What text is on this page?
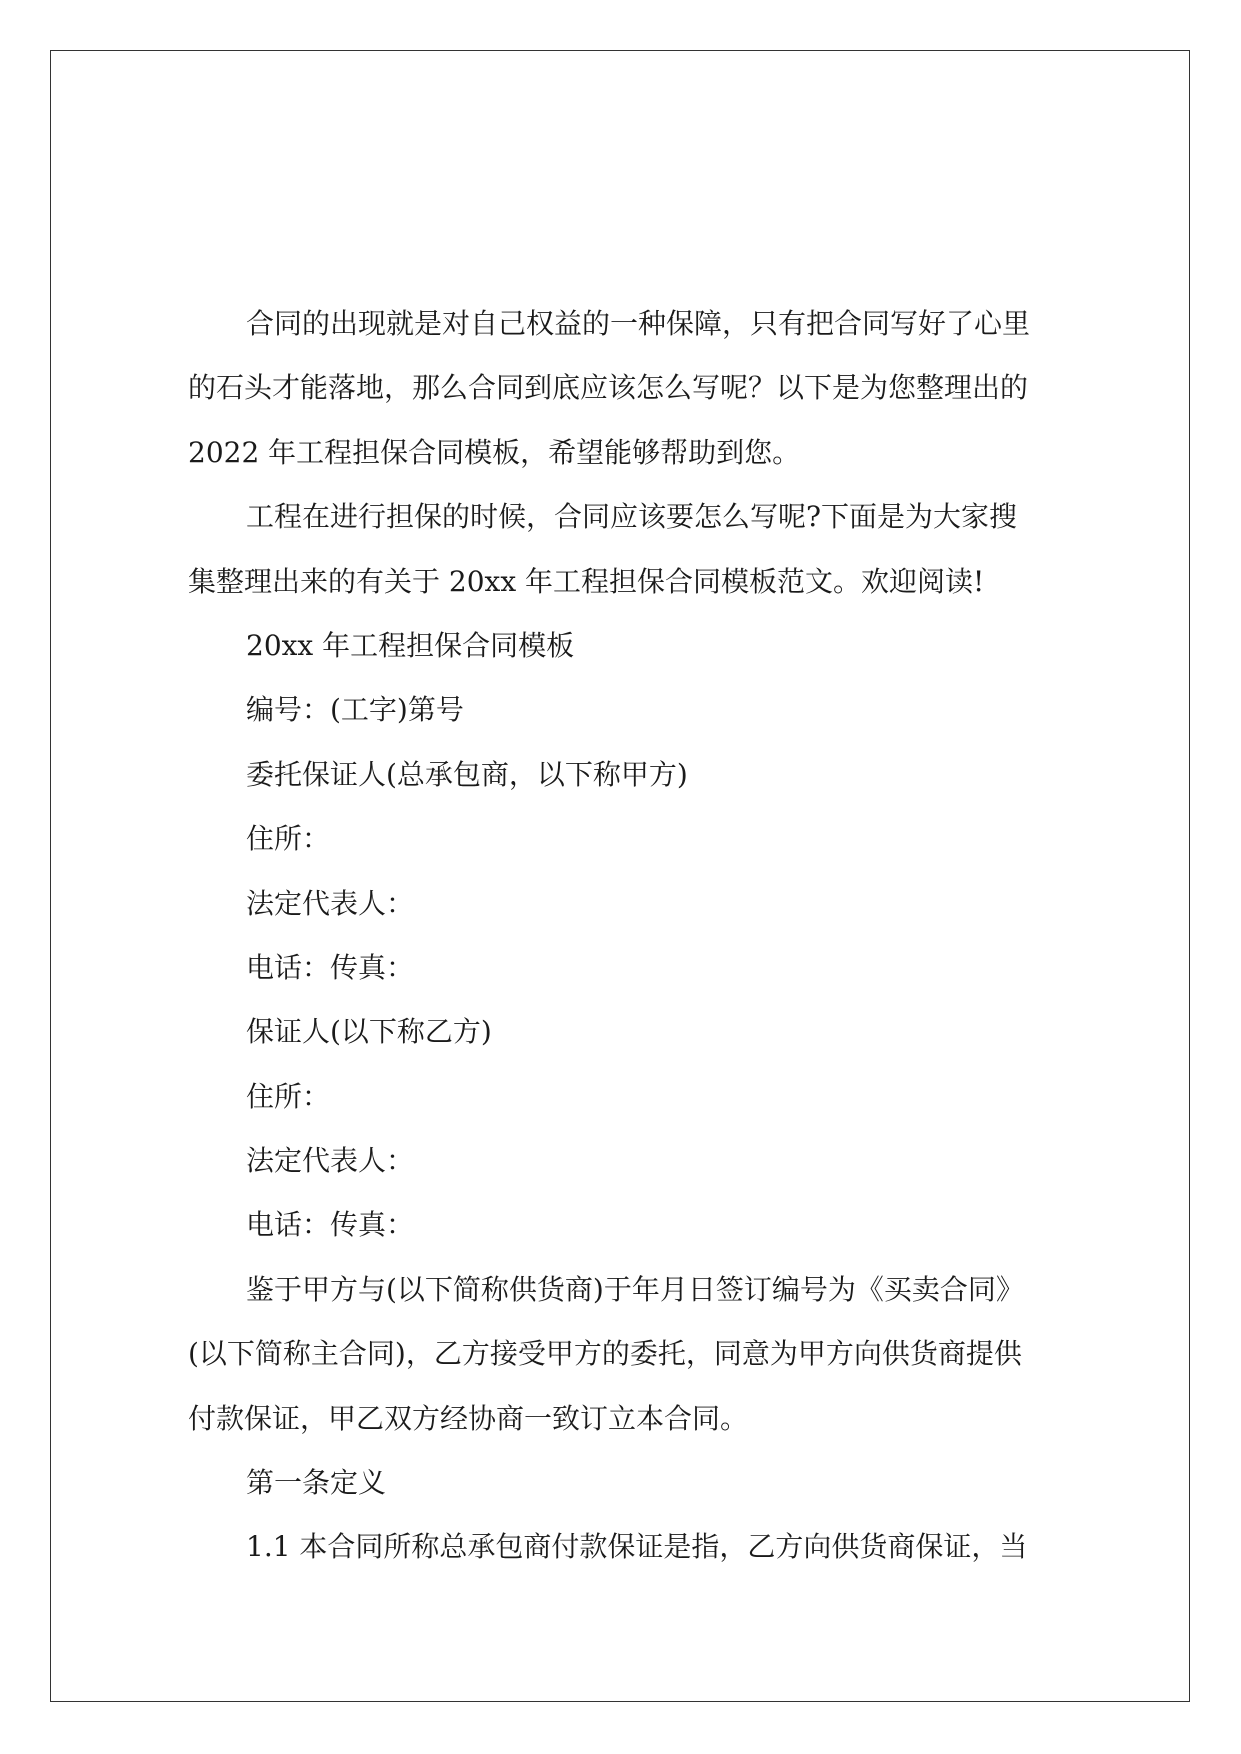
合同的出现就是对自己权益的一种保障，只有把合同写好了心里
的石头才能落地，那么合同到底应该怎么写呢？以下是为您整理出的
2022 年工程担保合同模板，希望能够帮助到您。
工程在进行担保的时候，合同应该要怎么写呢?下面是为大家搜
集整理出来的有关于 20xx 年工程担保合同模板范文。欢迎阅读!
20xx 年工程担保合同模板
编号：(工字)第号
委托保证人(总承包商，以下称甲方)
住所：
法定代表人：
电话：传真：
保证人(以下称乙方)
住所：
法定代表人：
电话：传真：
鉴于甲方与(以下简称供货商)于年月日签订编号为《买卖合同》
(以下简称主合同)，乙方接受甲方的委托，同意为甲方向供货商提供
付款保证，甲乙双方经协商一致订立本合同。
第一条定义
1.1 本合同所称总承包商付款保证是指，乙方向供货商保证，当
